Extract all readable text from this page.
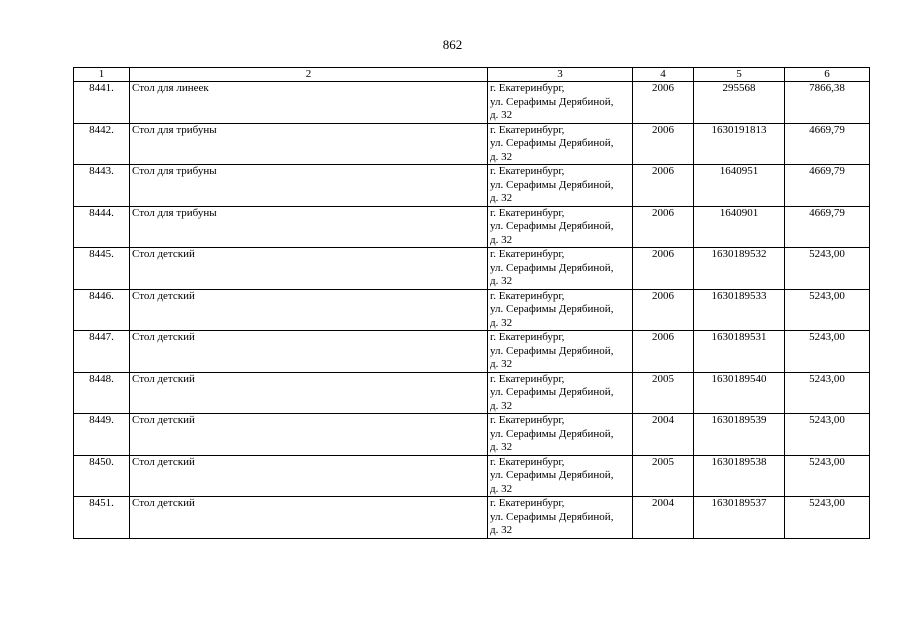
862
1	2	3	4	5	6
8441.	Стол для линеек	г. Екатеринбург,
ул. Серафимы Дерябиной,
д. 32	2006	295568	7866,38
8442.	Стол для трибуны	г. Екатеринбург,
ул. Серафимы Дерябиной,
д. 32	2006	1630191813	4669,79
8443.	Стол для трибуны	г. Екатеринбург,
ул. Серафимы Дерябиной,
д. 32	2006	1640951	4669,79
8444.	Стол для трибуны	г. Екатеринбург,
ул. Серафимы Дерябиной,
д. 32	2006	1640901	4669,79
8445.	Стол детский	г. Екатеринбург,
ул. Серафимы Дерябиной,
д. 32	2006	1630189532	5243,00
8446.	Стол детский	г. Екатеринбург,
ул. Серафимы Дерябиной,
д. 32	2006	1630189533	5243,00
8447.	Стол детский	г. Екатеринбург,
ул. Серафимы Дерябиной,
д. 32	2006	1630189531	5243,00
8448.	Стол детский	г. Екатеринбург,
ул. Серафимы Дерябиной,
д. 32	2005	1630189540	5243,00
8449.	Стол детский	г. Екатеринбург,
ул. Серафимы Дерябиной,
д. 32	2004	1630189539	5243,00
8450.	Стол детский	г. Екатеринбург,
ул. Серафимы Дерябиной,
д. 32	2005	1630189538	5243,00
8451.	Стол детский	г. Екатеринбург,
ул. Серафимы Дерябиной,
д. 32	2004	1630189537	5243,00
